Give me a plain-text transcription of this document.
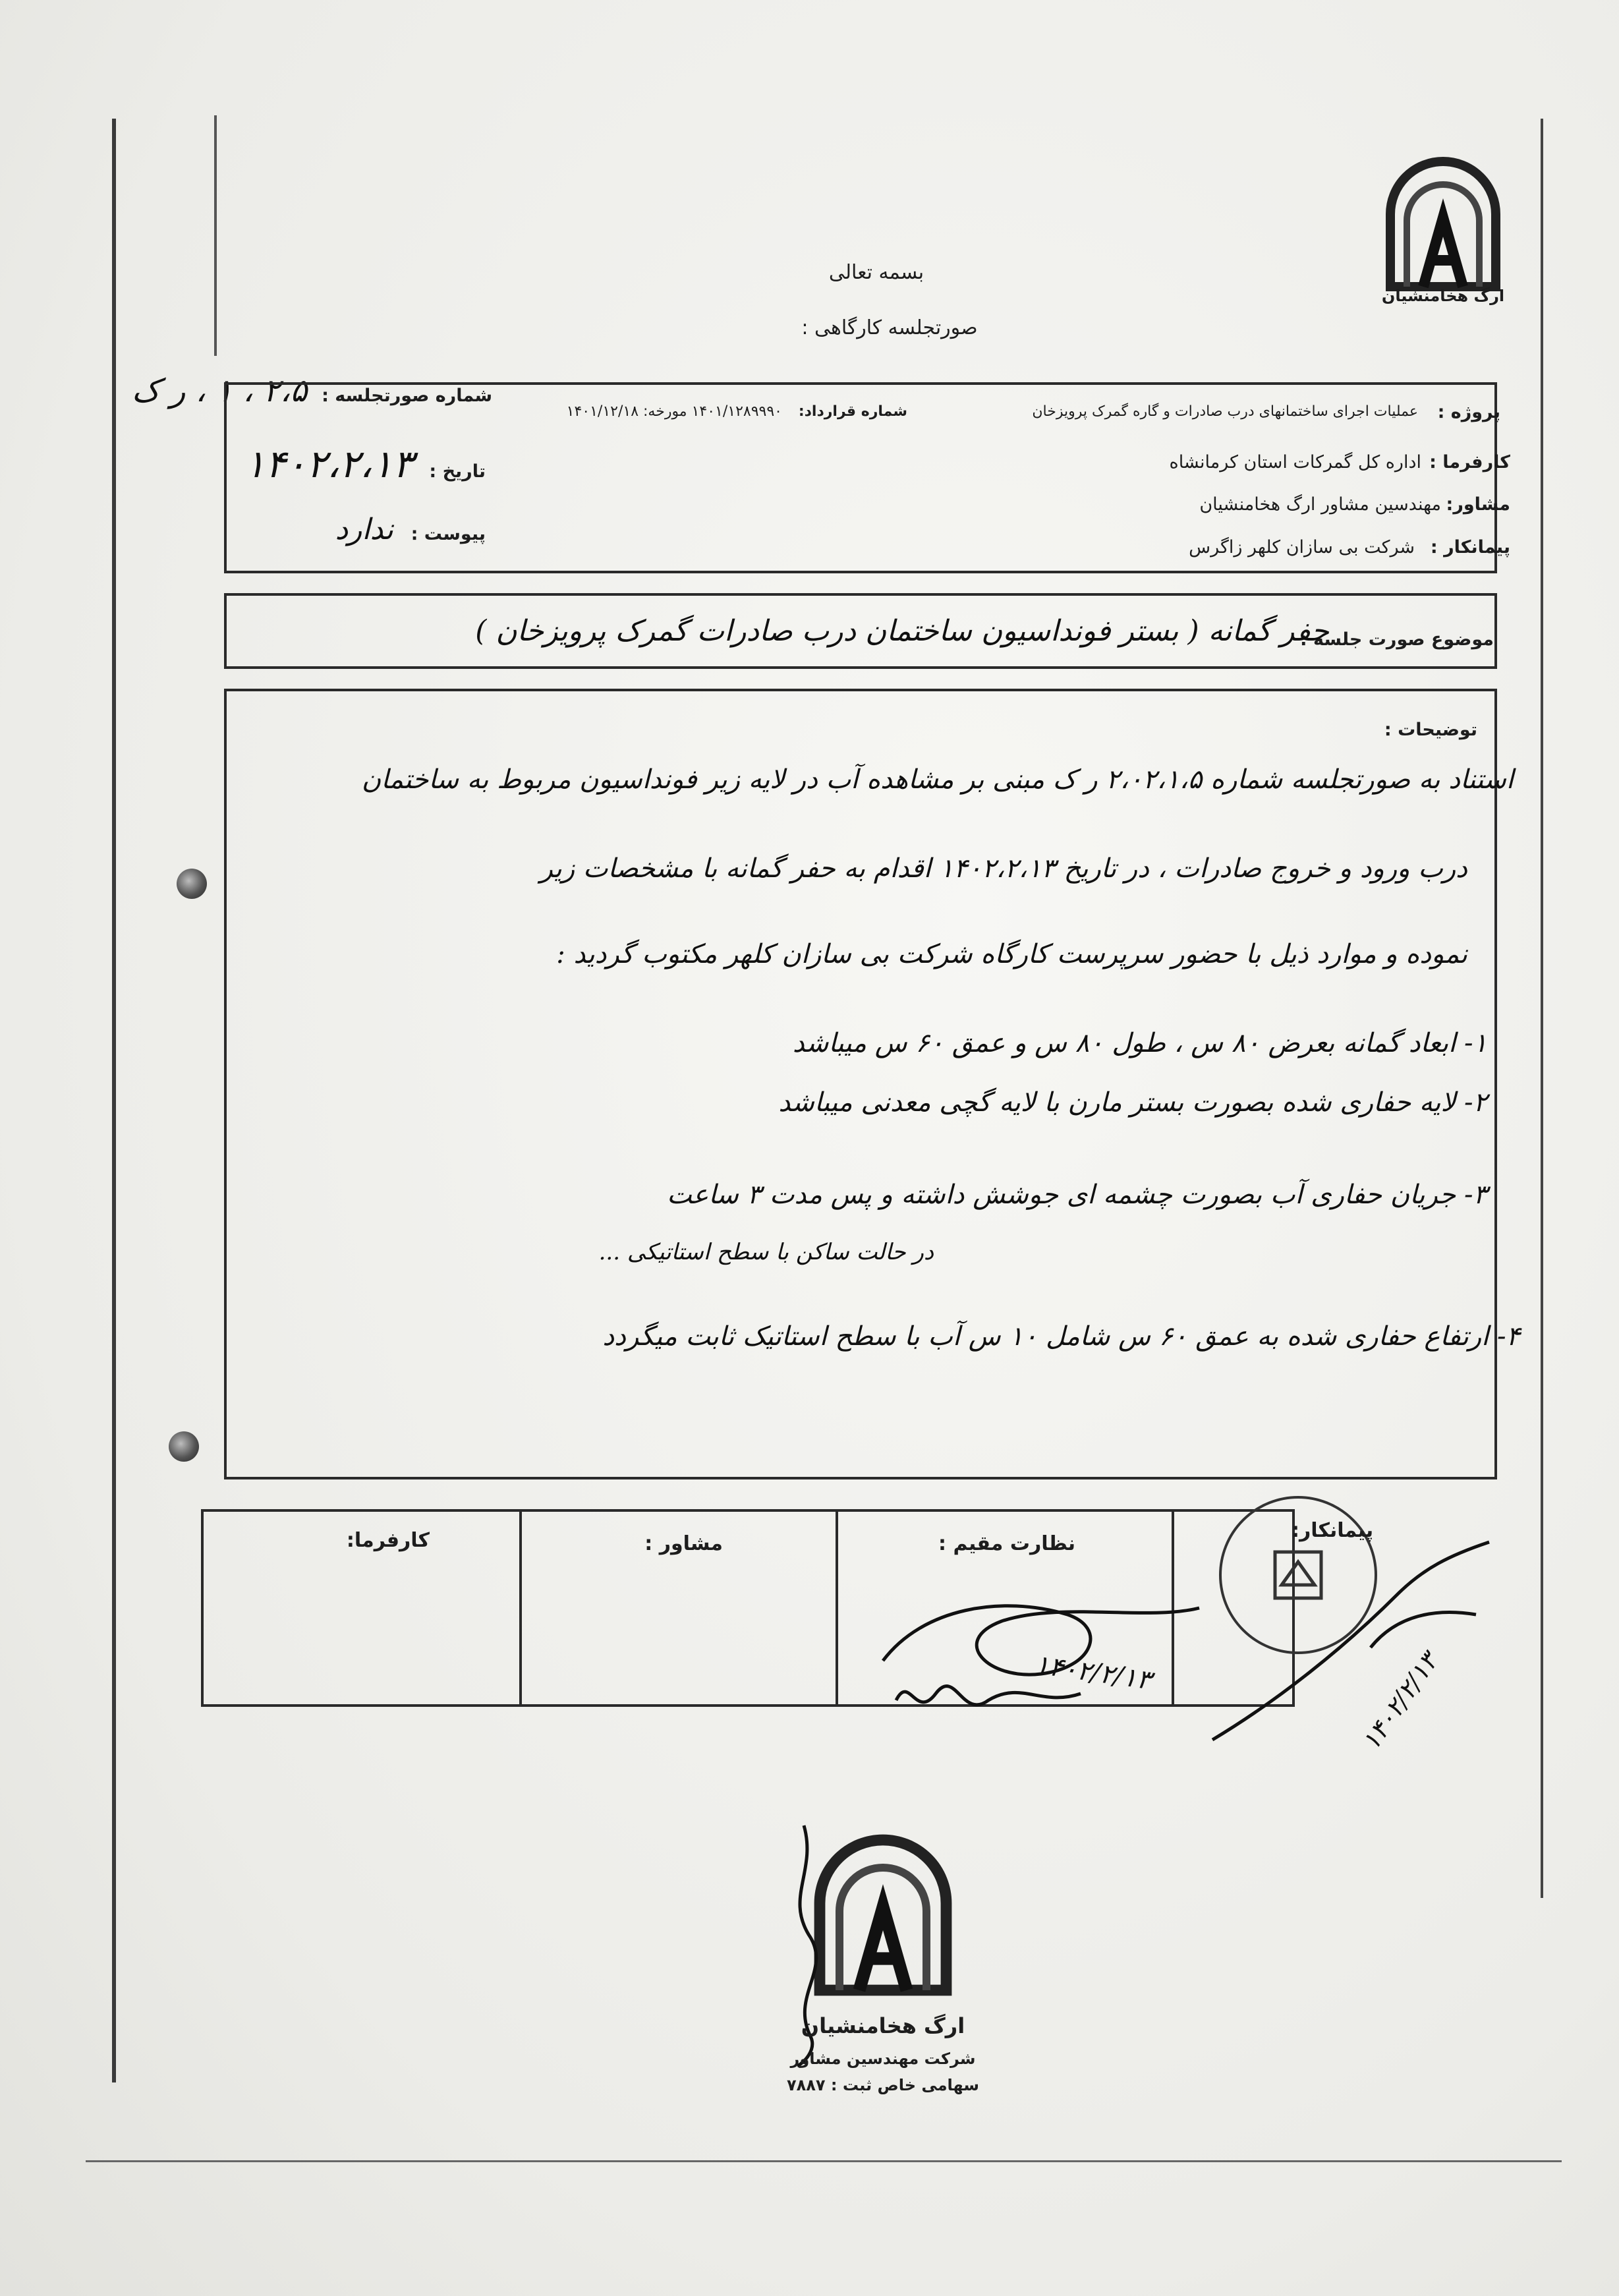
ارگ هخامنشیان
بسمه تعالی
صورتجلسه کارگاهی :
۲،۵ ، ۱ ، ر ک
پروژه :
عملیات اجرای ساختمانهای درب صادرات و گاره گمرک پرویزخان
شماره قرارداد:
۱۴۰۱/۱۲۸۹۹۹۰ مورخه: ۱۴۰۱/۱۲/۱۸
شماره صورتجلسه :
تاریخ :
۱۴۰۲،۲،۱۳
پیوست :
ندارد
کارفرما :
اداره کل گمرکات استان کرمانشاه
مشاور:
مهندسین مشاور ارگ هخامنشیان
پیمانکار :
شرکت بی سازان کلهر زاگرس
موضوع صورت جلسه :
حفر گمانه ( بستر فونداسیون ساختمان درب صادرات گمرک پرویزخان )
توضیحات :
استناد به صورتجلسه شماره ۲،۰۲،۱،۵ ر ک مبنی بر مشاهده آب در لایه زیر فونداسیون مربوط به ساختمان
درب ورود و خروج صادرات ، در تاریخ ۱۴۰۲،۲،۱۳ اقدام به حفر گمانه با مشخصات زیر
نموده و موارد ذیل با حضور سرپرست کارگاه شرکت بی سازان کلهر مکتوب گردید :
۱- ابعاد گمانه بعرض ۸۰ س ، طول ۸۰ س و عمق ۶۰ س میباشد
۲- لایه حفاری شده بصورت بستر مارن با لایه گچی معدنی میباشد
۳- جریان حفاری آب بصورت چشمه ای جوشش داشته و پس مدت ۳ ساعت
در حالت ساکن با سطح استاتیکی ...
۴- ارتفاع حفاری شده به عمق ۶۰ س شامل ۱۰ س آب با سطح استاتیک ثابت میگردد
کارفرما:	مشاور :	نظارت مقیم :
۱۴۰۲/۲/۱۳
پیمانکار:
۱۴۰۲/۲/۱۳
ارگ هخامنشیان
شرکت مهندسین مشاور
سهامی خاص ثبت : ۷۸۸۷
